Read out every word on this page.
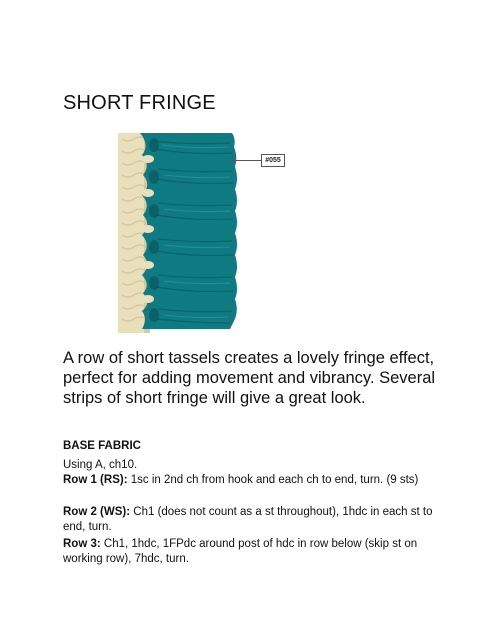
SHORT FRINGE
#055

A row of short tassels creates a lovely fringe effect, perfect for adding movement and vibrancy. Several strips of short fringe will give a great look.

BASE FABRIC

Using A, ch10.

Row 1 (RS): 1sc in 2nd ch from hook and each ch to end, turn. (9 sts)

Row 2 (WS): Ch1 (does not count as a st throughout), 1hdc in each st to end, turn.

Row 3: Ch1, 1hdc, 1FPdc around post of hdc in row below (skip st on working row), 7hdc, turn.
